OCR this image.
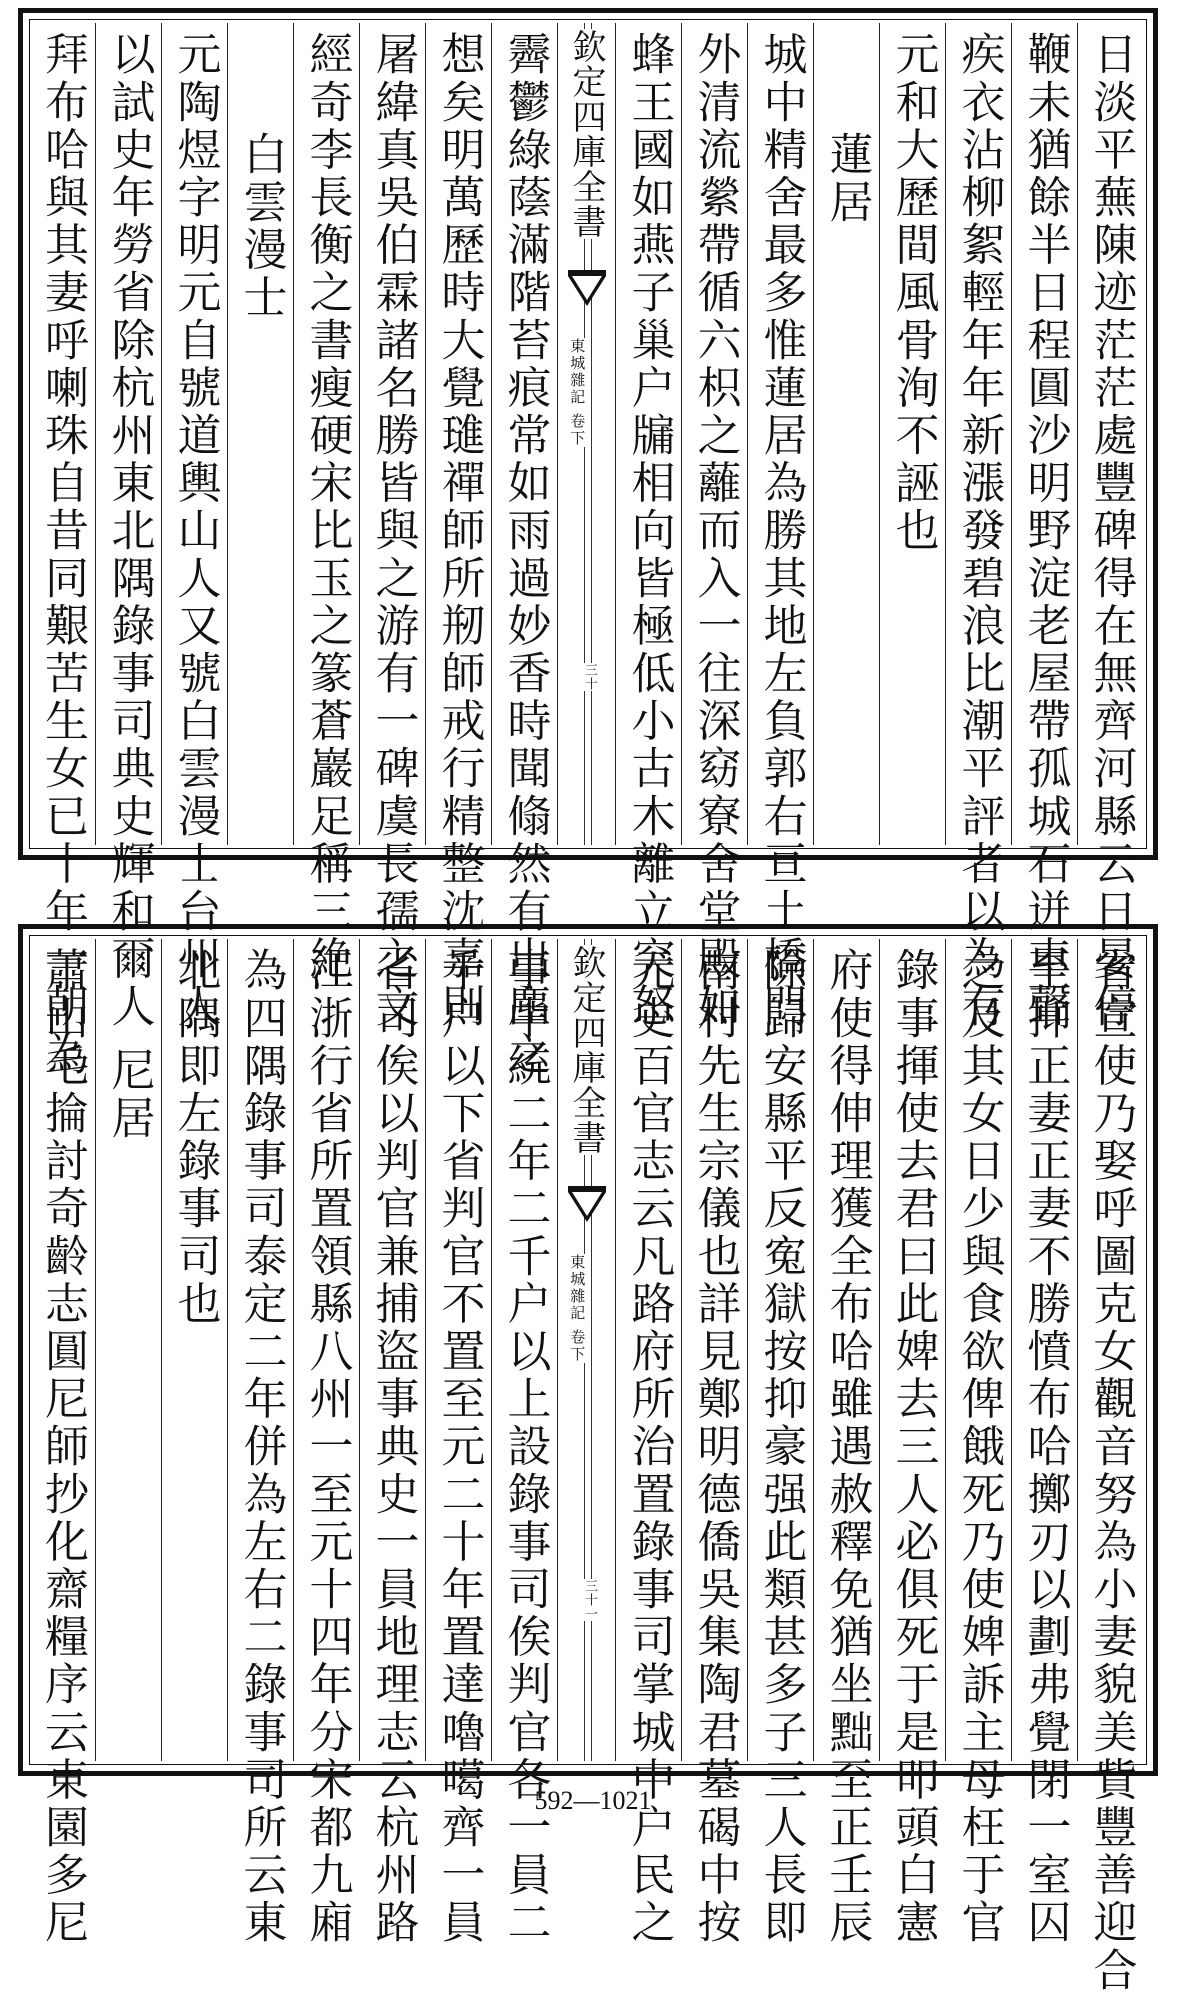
日淡平蕪陳迹茫茫處豐碑得在無齊河縣云日晏停
鞭未猶餘半日程圓沙明野淀老屋帶孤城石迸車聲
疾衣沾柳絮輕年年新漲發碧浪比潮平評者以為有
元和大歷間風骨洵不誣也
蓮居
城中精舍最多惟蓮居為勝其地左負郭右亘土橋門
外清流縈帶循六枳之蘺而入一往深窈寮舍堂殿如
蜂王國如燕子巢户牖相向皆極低小古木離立突怒
欽定四庫全書
東城雜記 卷下
三十
霽鬱綠蔭滿階苔痕常如雨過妙香時聞翛然有出塵之
想矣明萬歷時大覺璡禪師所剏師戒行精整沈嘉則
屠緯真吳伯霖諸名勝皆與之游有一碑虞長孺之文
經奇李長衡之書瘦硬宋比玉之篆蒼巖足稱三絶
白雲漫士
元陶煜字明元自號道輿山人又號白雲漫士台州人
以試史年勞省除杭州東北隅錄事司典史輝和爾人
拜布哈與其妻呼喇珠自昔同艱苦生女已十年一朝為
省宣使乃娶呼圖克女觀音努為小妻貌美貲豐善迎合
至抑正妻正妻不勝憤布哈擲刃以劃弗覺閉一室囚
之及其女日少與食欲俾餓死乃使婢訴主母枉于官
錄事揮使去君曰此婢去三人必俱死于是叩頭白憲
府使得伸理獲全布哈雖遇赦釋免猶坐黜至正壬辰
除歸安縣平反寃獄按抑豪强此類甚多子三人長即
南村先生宗儀也詳見鄭明德僑吳集陶君墓碣中按
元史百官志云凡路府所治置錄事司掌城中户民之
欽定四庫全書
東城雜記 卷下
三十一
事中統二年二千户以上設錄事司俟判官各一員二
千户以下省判官不置至元二十年置達嚕噶齊一員
省司俟以判官兼捕盜事典史一員地理志云杭州路
江浙行省所置領縣八州一至元十四年分宋都九廂
為四隅錄事司泰定二年併為左右二錄事司所云東
北隅即左錄事司也
尼居
蕭山毛掄討奇齡志圓尼師抄化齋糧序云東園多尼	592—1021
